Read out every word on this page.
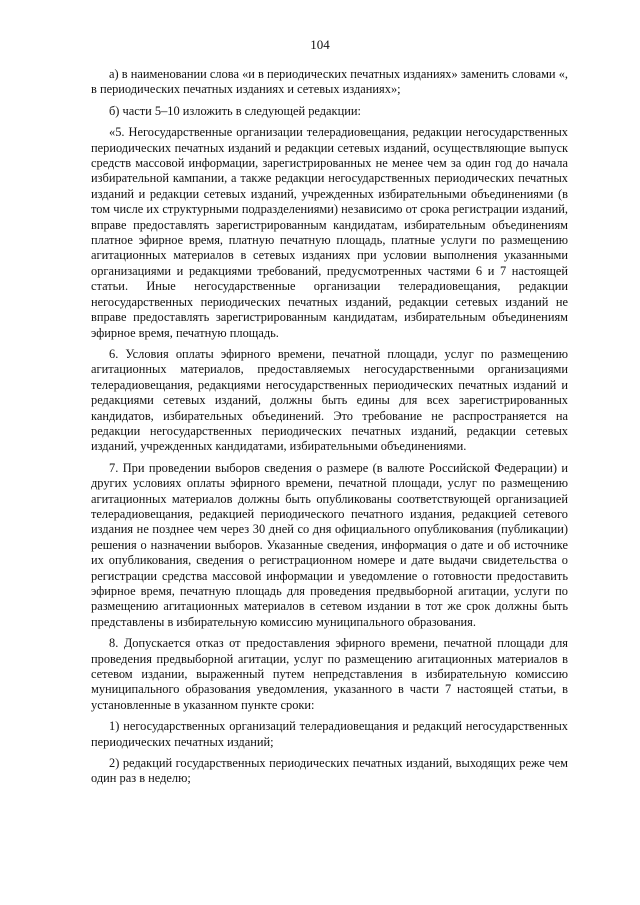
104

а) в наименовании слова «и в периодических печатных изданиях» заменить словами «, в периодических печатных изданиях и сетевых изданиях»;

б) части 5–10 изложить в следующей редакции:

«5. Негосударственные организации телерадиовещания, редакции негосударственных периодических печатных изданий и редакции сетевых изданий, осуществляющие выпуск средств массовой информации, зарегистрированных не менее чем за один год до начала избирательной кампании, а также редакции негосударственных периодических печатных изданий и редакции сетевых изданий, учрежденных избирательными объединениями (в том числе их структурными подразделениями) независимо от срока регистрации изданий, вправе предоставлять зарегистрированным кандидатам, избирательным объединениям платное эфирное время, платную печатную площадь, платные услуги по размещению агитационных материалов в сетевых изданиях при условии выполнения указанными организациями и редакциями требований, предусмотренных частями 6 и 7 настоящей статьи. Иные негосударственные организации телерадиовещания, редакции негосударственных периодических печатных изданий, редакции сетевых изданий не вправе предоставлять зарегистрированным кандидатам, избирательным объединениям эфирное время, печатную площадь.

6. Условия оплаты эфирного времени, печатной площади, услуг по размещению агитационных материалов, предоставляемых негосударственными организациями телерадиовещания, редакциями негосударственных периодических печатных изданий и редакциями сетевых изданий, должны быть едины для всех зарегистрированных кандидатов, избирательных объединений. Это требование не распространяется на редакции негосударственных периодических печатных изданий, редакции сетевых изданий, учрежденных кандидатами, избирательными объединениями.

7. При проведении выборов сведения о размере (в валюте Российской Федерации) и других условиях оплаты эфирного времени, печатной площади, услуг по размещению агитационных материалов должны быть опубликованы соответствующей организацией телерадиовещания, редакцией периодического печатного издания, редакцией сетевого издания не позднее чем через 30 дней со дня официального опубликования (публикации) решения о назначении выборов. Указанные сведения, информация о дате и об источнике их опубликования, сведения о регистрационном номере и дате выдачи свидетельства о регистрации средства массовой информации и уведомление о готовности предоставить эфирное время, печатную площадь для проведения предвыборной агитации, услуги по размещению агитационных материалов в сетевом издании в тот же срок должны быть представлены в избирательную комиссию муниципального образования.

8. Допускается отказ от предоставления эфирного времени, печатной площади для проведения предвыборной агитации, услуг по размещению агитационных материалов в сетевом издании, выраженный путем непредставления в избирательную комиссию муниципального образования уведомления, указанного в части 7 настоящей статьи, в установленные в указанном пункте сроки:

1) негосударственных организаций телерадиовещания и редакций негосударственных периодических печатных изданий;

2) редакций государственных периодических печатных изданий, выходящих реже чем один раз в неделю;
